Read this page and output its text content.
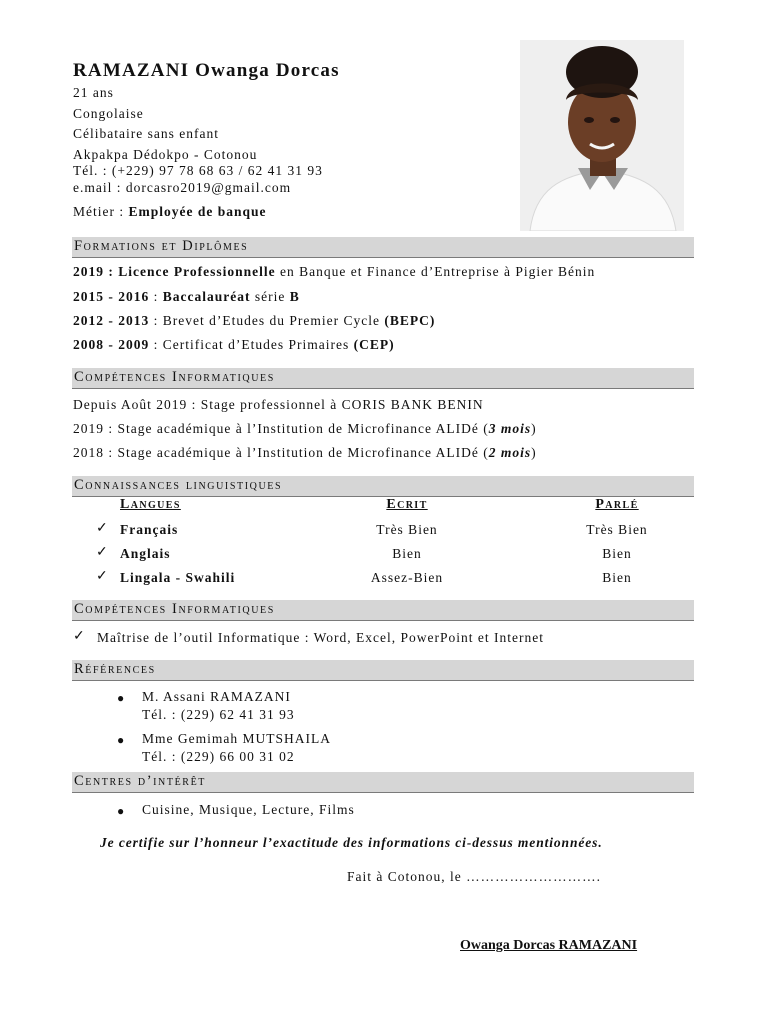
RAMAZANI Owanga Dorcas
21 ans
Congolaise
Célibataire sans enfant
Akpakpa Dédokpo - Cotonou
Tél. : (+229) 97 78 68 63 / 62 41 31 93
e.mail : dorcasro2019@gmail.com
Métier : Employée de banque
Formations et Diplômes
2019 : Licence Professionnelle en Banque et Finance d’Entreprise à Pigier Bénin
2015 - 2016 : Baccalauréat série B
2012 - 2013 : Brevet d’Etudes du Premier Cycle (BEPC)
2008 - 2009 : Certificat d’Etudes Primaires (CEP)
Compétences Informatiques
Depuis Août 2019 : Stage professionnel à CORIS BANK BENIN
2019 : Stage académique à l’Institution de Microfinance ALIDé (3 mois)
2018 : Stage académique à l’Institution de Microfinance ALIDé (2 mois)
Connaissances linguistiques
Langues	Ecrit	Parlé
✓ Français	Très Bien	Très Bien
✓ Anglais	Bien	Bien
✓ Lingala - Swahili	Assez-Bien	Bien
Compétences Informatiques
✓ Maîtrise de l’outil Informatique : Word, Excel, PowerPoint et Internet
Références
● M. Assani RAMAZANI
Tél. : (229) 62 41 31 93
● Mme Gemimah MUTSHAILA
Tél. : (229) 66 00 31 02
Centres d’intérêt
● Cuisine, Musique, Lecture, Films
Je certifie sur l’honneur l’exactitude des informations ci-dessus mentionnées.
Fait à Cotonou, le ……………………….
Owanga Dorcas RAMAZANI
